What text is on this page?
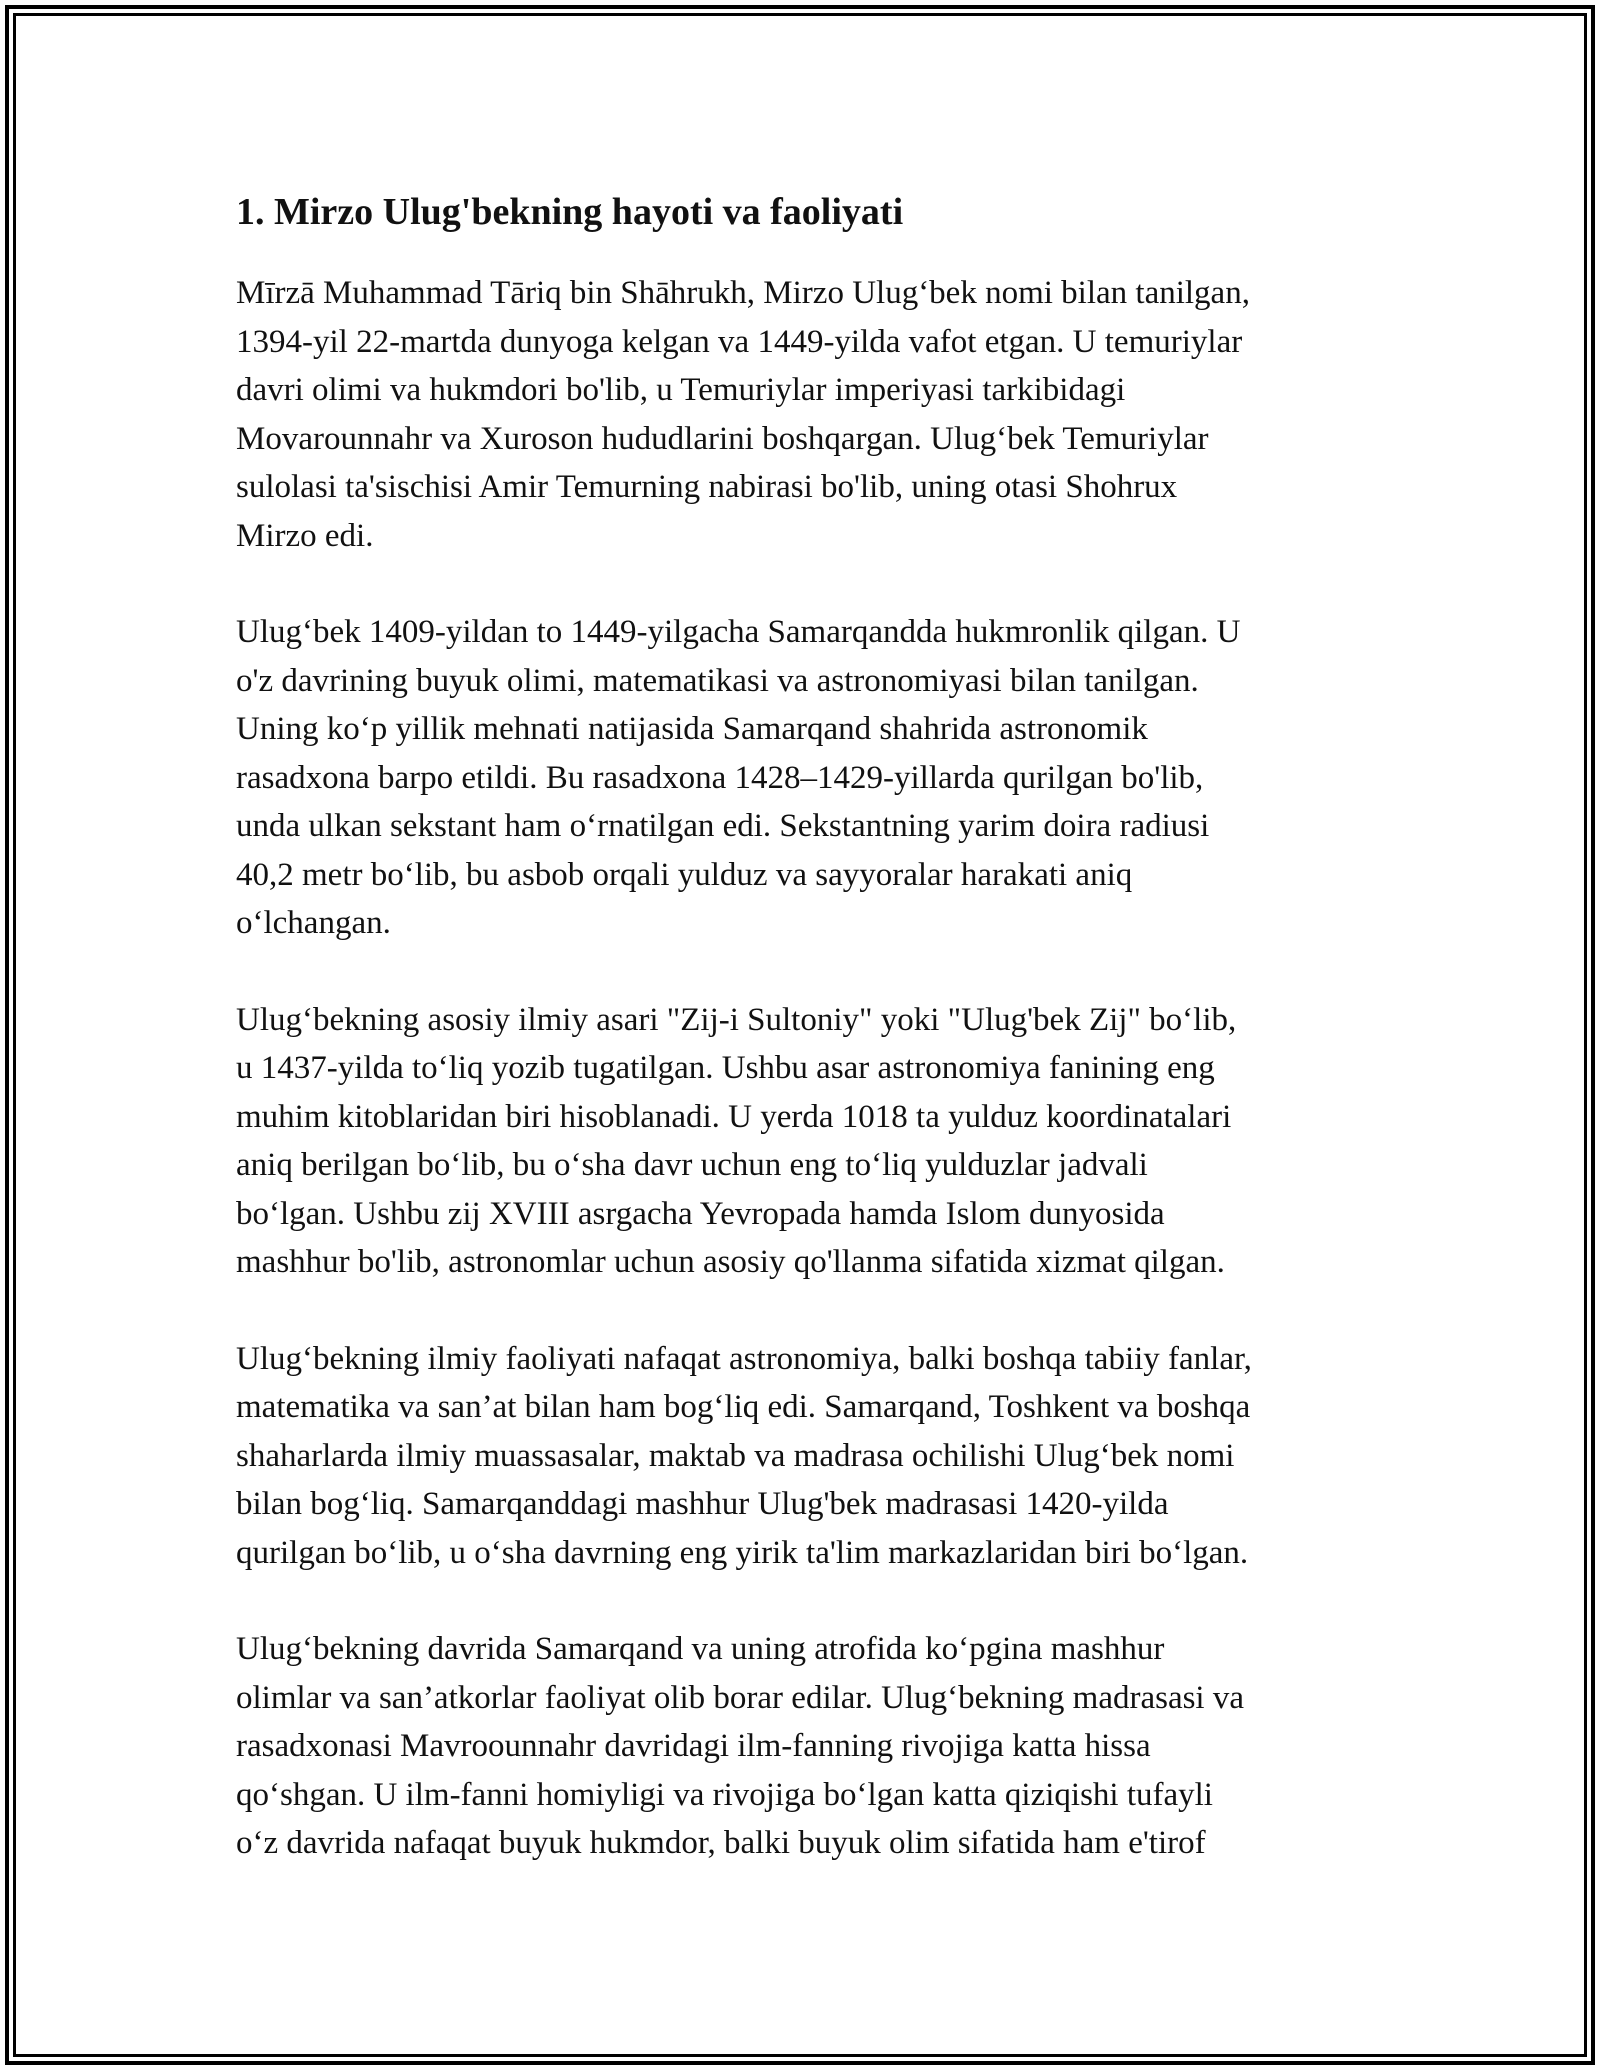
1. Mirzo Ulug'bekning hayoti va faoliyati

Mīrzā Muhammad Tāriq bin Shāhrukh, Mirzo Ulug‘bek nomi bilan tanilgan,
1394-yil 22-martda dunyoga kelgan va 1449-yilda vafot etgan. U temuriylar
davri olimi va hukmdori bo'lib, u Temuriylar imperiyasi tarkibidagi
Movarounnahr va Xuroson hududlarini boshqargan. Ulug‘bek Temuriylar
sulolasi ta'sischisi Amir Temurning nabirasi bo'lib, uning otasi Shohrux
Mirzo edi.

Ulug‘bek 1409-yildan to 1449-yilgacha Samarqandda hukmronlik qilgan. U
o'z davrining buyuk olimi, matematikasi va astronomiyasi bilan tanilgan.
Uning ko‘p yillik mehnati natijasida Samarqand shahrida astronomik
rasadxona barpo etildi. Bu rasadxona 1428–1429-yillarda qurilgan bo'lib,
unda ulkan sekstant ham o‘rnatilgan edi. Sekstantning yarim doira radiusi
40,2 metr bo‘lib, bu asbob orqali yulduz va sayyoralar harakati aniq
o‘lchangan.

Ulug‘bekning asosiy ilmiy asari "Zij-i Sultoniy" yoki "Ulug'bek Zij" bo‘lib,
u 1437-yilda to‘liq yozib tugatilgan. Ushbu asar astronomiya fanining eng
muhim kitoblaridan biri hisoblanadi. U yerda 1018 ta yulduz koordinatalari
aniq berilgan bo‘lib, bu o‘sha davr uchun eng to‘liq yulduzlar jadvali
bo‘lgan. Ushbu zij XVIII asrgacha Yevropada hamda Islom dunyosida
mashhur bo'lib, astronomlar uchun asosiy qo'llanma sifatida xizmat qilgan.

Ulug‘bekning ilmiy faoliyati nafaqat astronomiya, balki boshqa tabiiy fanlar,
matematika va san’at bilan ham bog‘liq edi. Samarqand, Toshkent va boshqa
shaharlarda ilmiy muassasalar, maktab va madrasa ochilishi Ulug‘bek nomi
bilan bog‘liq. Samarqanddagi mashhur Ulug'bek madrasasi 1420-yilda
qurilgan bo‘lib, u o‘sha davrning eng yirik ta'lim markazlaridan biri bo‘lgan.

Ulug‘bekning davrida Samarqand va uning atrofida ko‘pgina mashhur
olimlar va san’atkorlar faoliyat olib borar edilar. Ulug‘bekning madrasasi va
rasadxonasi Mavroounnahr davridagi ilm-fanning rivojiga katta hissa
qo‘shgan. U ilm-fanni homiyligi va rivojiga bo‘lgan katta qiziqishi tufayli
o‘z davrida nafaqat buyuk hukmdor, balki buyuk olim sifatida ham e'tirof
